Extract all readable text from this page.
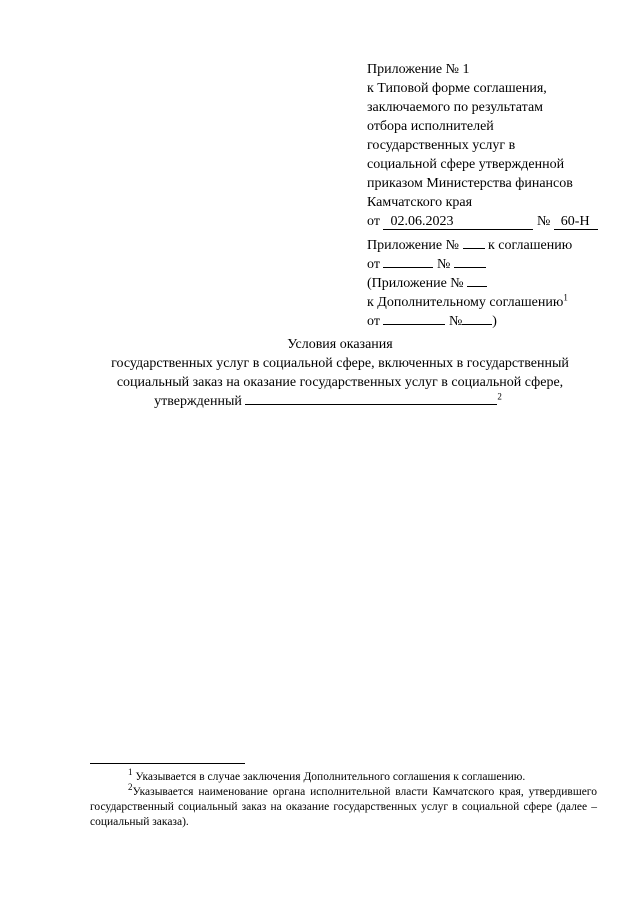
Приложение № 1
к Типовой форме соглашения,
заключаемого по результатам
отбора исполнителей
государственных услуг в
социальной сфере утвержденной
приказом Министерства финансов
Камчатского края
от 02.06.2023	№ 60-Н
Приложение № к соглашению
от	№
(Приложение №
к Дополнительному соглашению$^1$
от	№ )
Условия оказания
государственных услуг в социальной сфере, включенных в государственный
социальный заказ на оказание государственных услуг в социальной сфере,
утвержденный	$^2$
$^1$ Указывается в случае заключения Дополнительного соглашения к соглашению.
$^2$Указывается наименование органа исполнительной власти Камчатского края, утвердившего государственный социальный заказ на оказание государственных услуг в социальной сфере (далее –социальный заказа).
